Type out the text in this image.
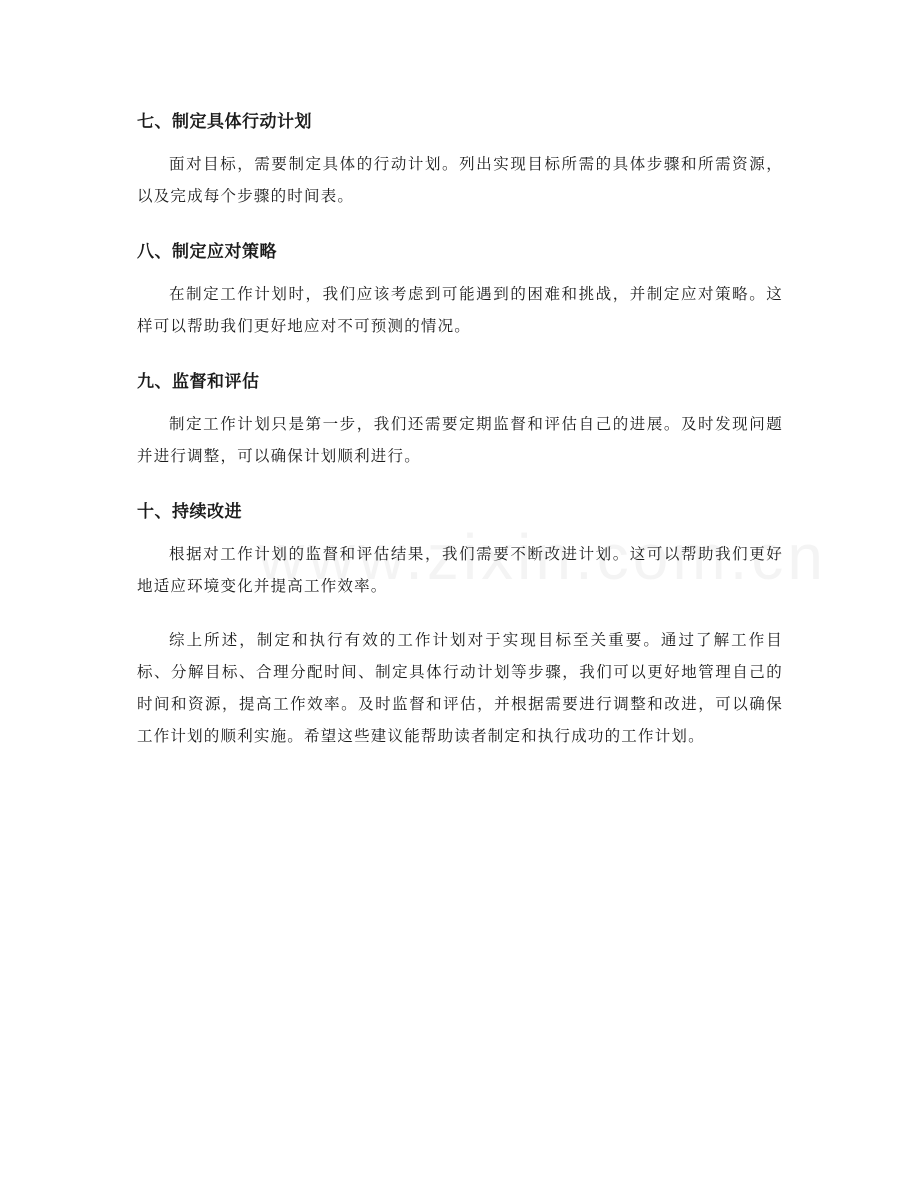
七、制定具体行动计划

面对目标，需要制定具体的行动计划。列出实现目标所需的具体步骤和所需资源，以及完成每个步骤的时间表。

八、制定应对策略

在制定工作计划时，我们应该考虑到可能遇到的困难和挑战，并制定应对策略。这样可以帮助我们更好地应对不可预测的情况。

九、监督和评估

制定工作计划只是第一步，我们还需要定期监督和评估自己的进展。及时发现问题并进行调整，可以确保计划顺利进行。

十、持续改进

根据对工作计划的监督和评估结果，我们需要不断改进计划。这可以帮助我们更好地适应环境变化并提高工作效率。

综上所述，制定和执行有效的工作计划对于实现目标至关重要。通过了解工作目标、分解目标、合理分配时间、制定具体行动计划等步骤，我们可以更好地管理自己的时间和资源，提高工作效率。及时监督和评估，并根据需要进行调整和改进，可以确保工作计划的顺利实施。希望这些建议能帮助读者制定和执行成功的工作计划。
